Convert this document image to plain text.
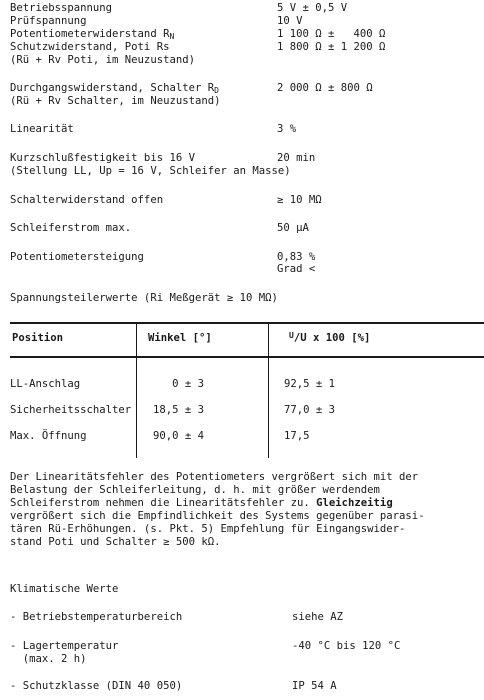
Betriebsspannung	5 V ± 0,5 V
Prüfspannung	10 V
Potentiometerwiderstand $R_N$	1 100 Ω ±   400 Ω
Schutzwiderstand, Poti Rs	1 800 Ω ± 1 200 Ω
(Rü + Rv Poti, im Neuzustand)
Durchgangswiderstand, Schalter $R_D$	2 000 Ω ± 800 Ω
(Rü + Rv Schalter, im Neuzustand)
Linearität	3 %
Kurzschlußfestigkeit bis 16 V	20 min
(Stellung LL, Up = 16 V, Schleifer an Masse)
Schalterwiderstand offen	≥ 10 MΩ
Schleiferstrom max.	50 μA
Potentiometersteigung	0,83 %
Grad <
Spannungsteilerwerte (Ri Meßgerät ≥ 10 MΩ)
Position	Winkel [°]	$^U$/U x 100 [%]
LL-Anschlag	0 ± 3	92,5 ± 1
Sicherheitsschalter 18,5 ± 3	77,0 ± 3
Max. Öffnung	90,0 ± 4	17,5
Der Linearitätsfehler des Potentiometers vergrößert sich mit der
Belastung der Schleiferleitung, d. h. mit größer werdendem
Schleiferstrom nehmen die Linearitätsfehler zu. Gleichzeitig
vergrößert sich die Empfindlichkeit des Systems gegenüber parasi-
tären Rü-Erhöhungen. (s. Pkt. 5) Empfehlung für Eingangswider-
stand Poti und Schalter ≥ 500 kΩ.
Klimatische Werte
- Betriebstemperaturbereich	siehe AZ
- Lagertemperatur	-40 °C bis 120 °C
(max. 2 h)
- Schutzklasse (DIN 40 050)	IP 54 A
